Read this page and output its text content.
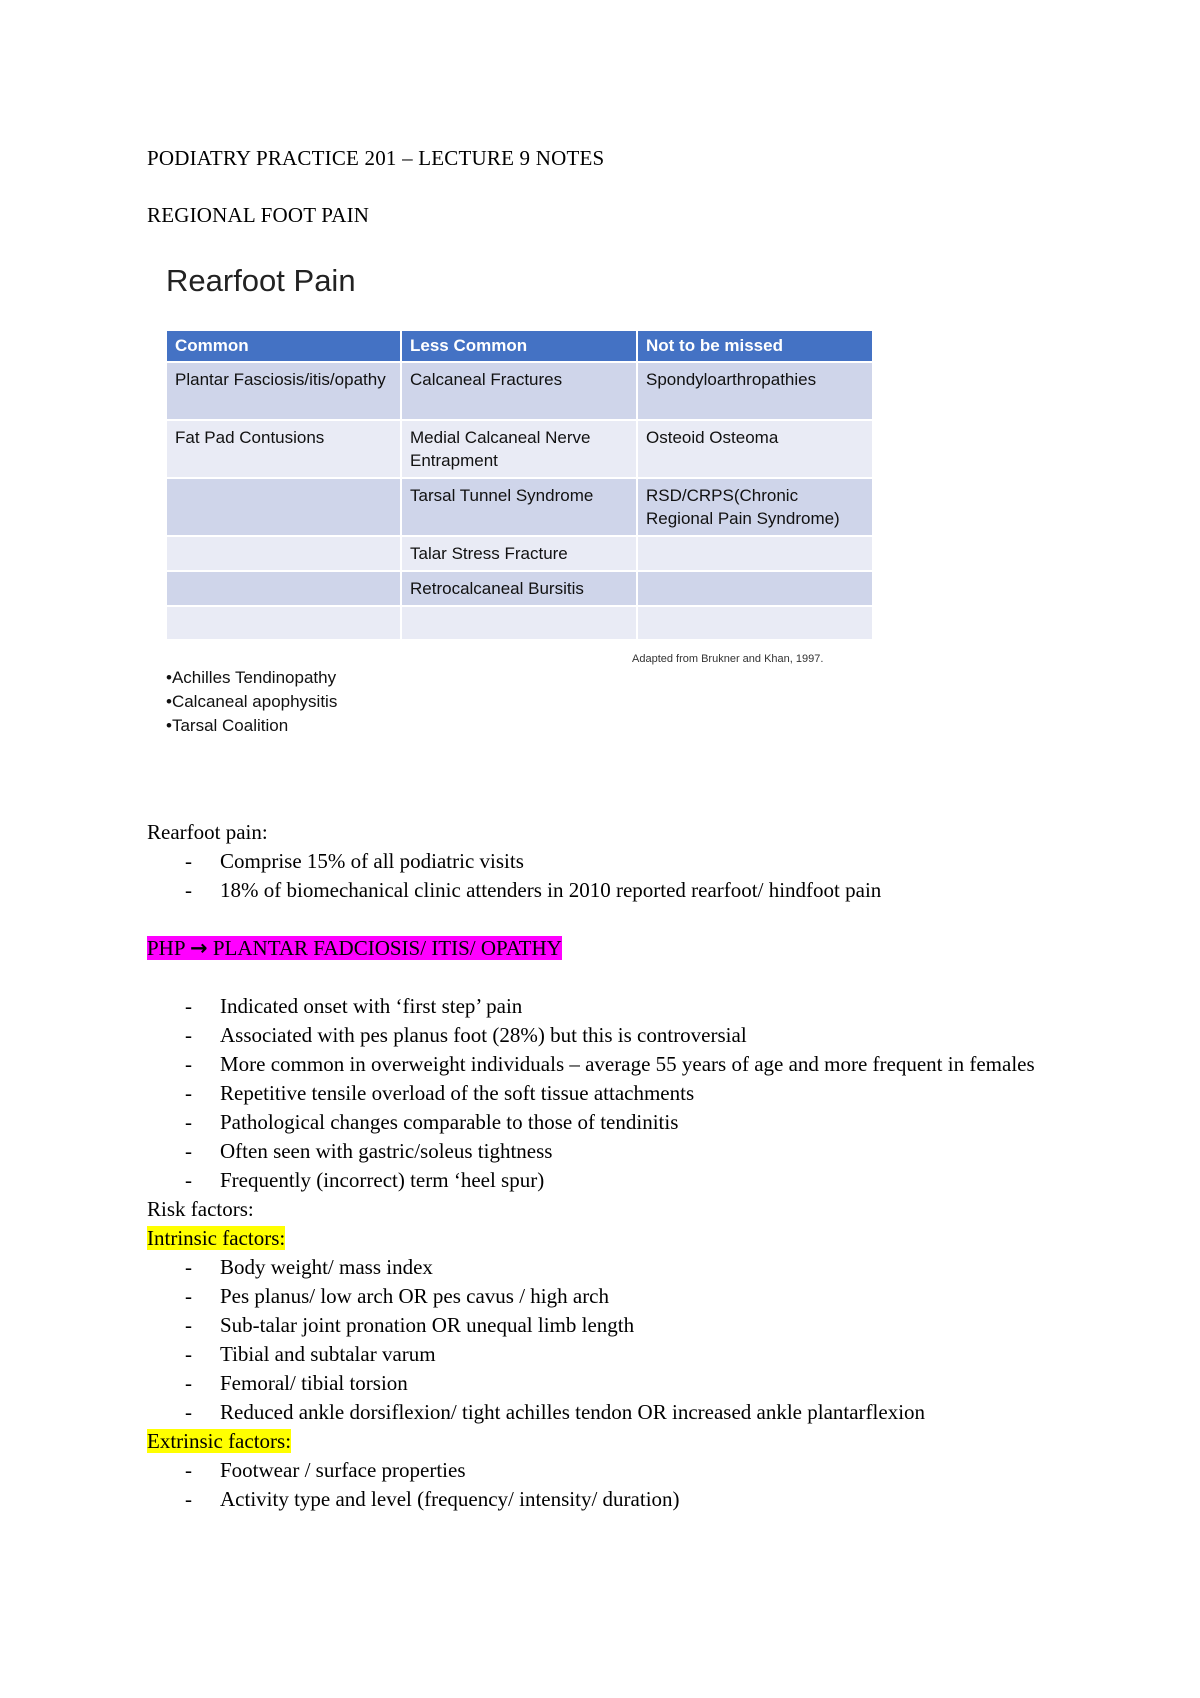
PODIATRY PRACTICE 201 – LECTURE 9 NOTES
REGIONAL FOOT PAIN
Rearfoot Pain
Common	Less Common	Not to be missed
Plantar Fasciosis/itis/opathy	Calcaneal Fractures	Spondyloarthropathies
Fat Pad Contusions	Medial Calcaneal Nerve Entrapment	Osteoid Osteoma
	Tarsal Tunnel Syndrome	RSD/CRPS(Chronic Regional Pain Syndrome)
	Talar Stress Fracture	
	Retrocalcaneal Bursitis	

Adapted from Brukner and Khan, 1997.
• Achilles Tendinopathy
• Calcaneal apophysitis
• Tarsal Coalition

Rearfoot pain:

- Comprise 15% of all podiatric visits
- 18% of biomechanical clinic attenders in 2010 reported rearfoot/ hindfoot pain

PHP → PLANTAR FADCIOSIS/ ITIS/ OPATHY

- Indicated onset with ‘first step’ pain
- Associated with pes planus foot (28%) but this is controversial
- More common in overweight individuals – average 55 years of age and more frequent in females
- Repetitive tensile overload of the soft tissue attachments
- Pathological changes comparable to those of tendinitis
- Often seen with gastric/soleus tightness
- Frequently (incorrect) term ‘heel spur)

Risk factors:

Intrinsic factors:

- Body weight/ mass index
- Pes planus/ low arch OR pes cavus / high arch
- Sub-talar joint pronation OR unequal limb length
- Tibial and subtalar varum
- Femoral/ tibial torsion
- Reduced ankle dorsiflexion/ tight achilles tendon OR increased ankle plantarflexion

Extrinsic factors:

- Footwear / surface properties
- Activity type and level (frequency/ intensity/ duration)
